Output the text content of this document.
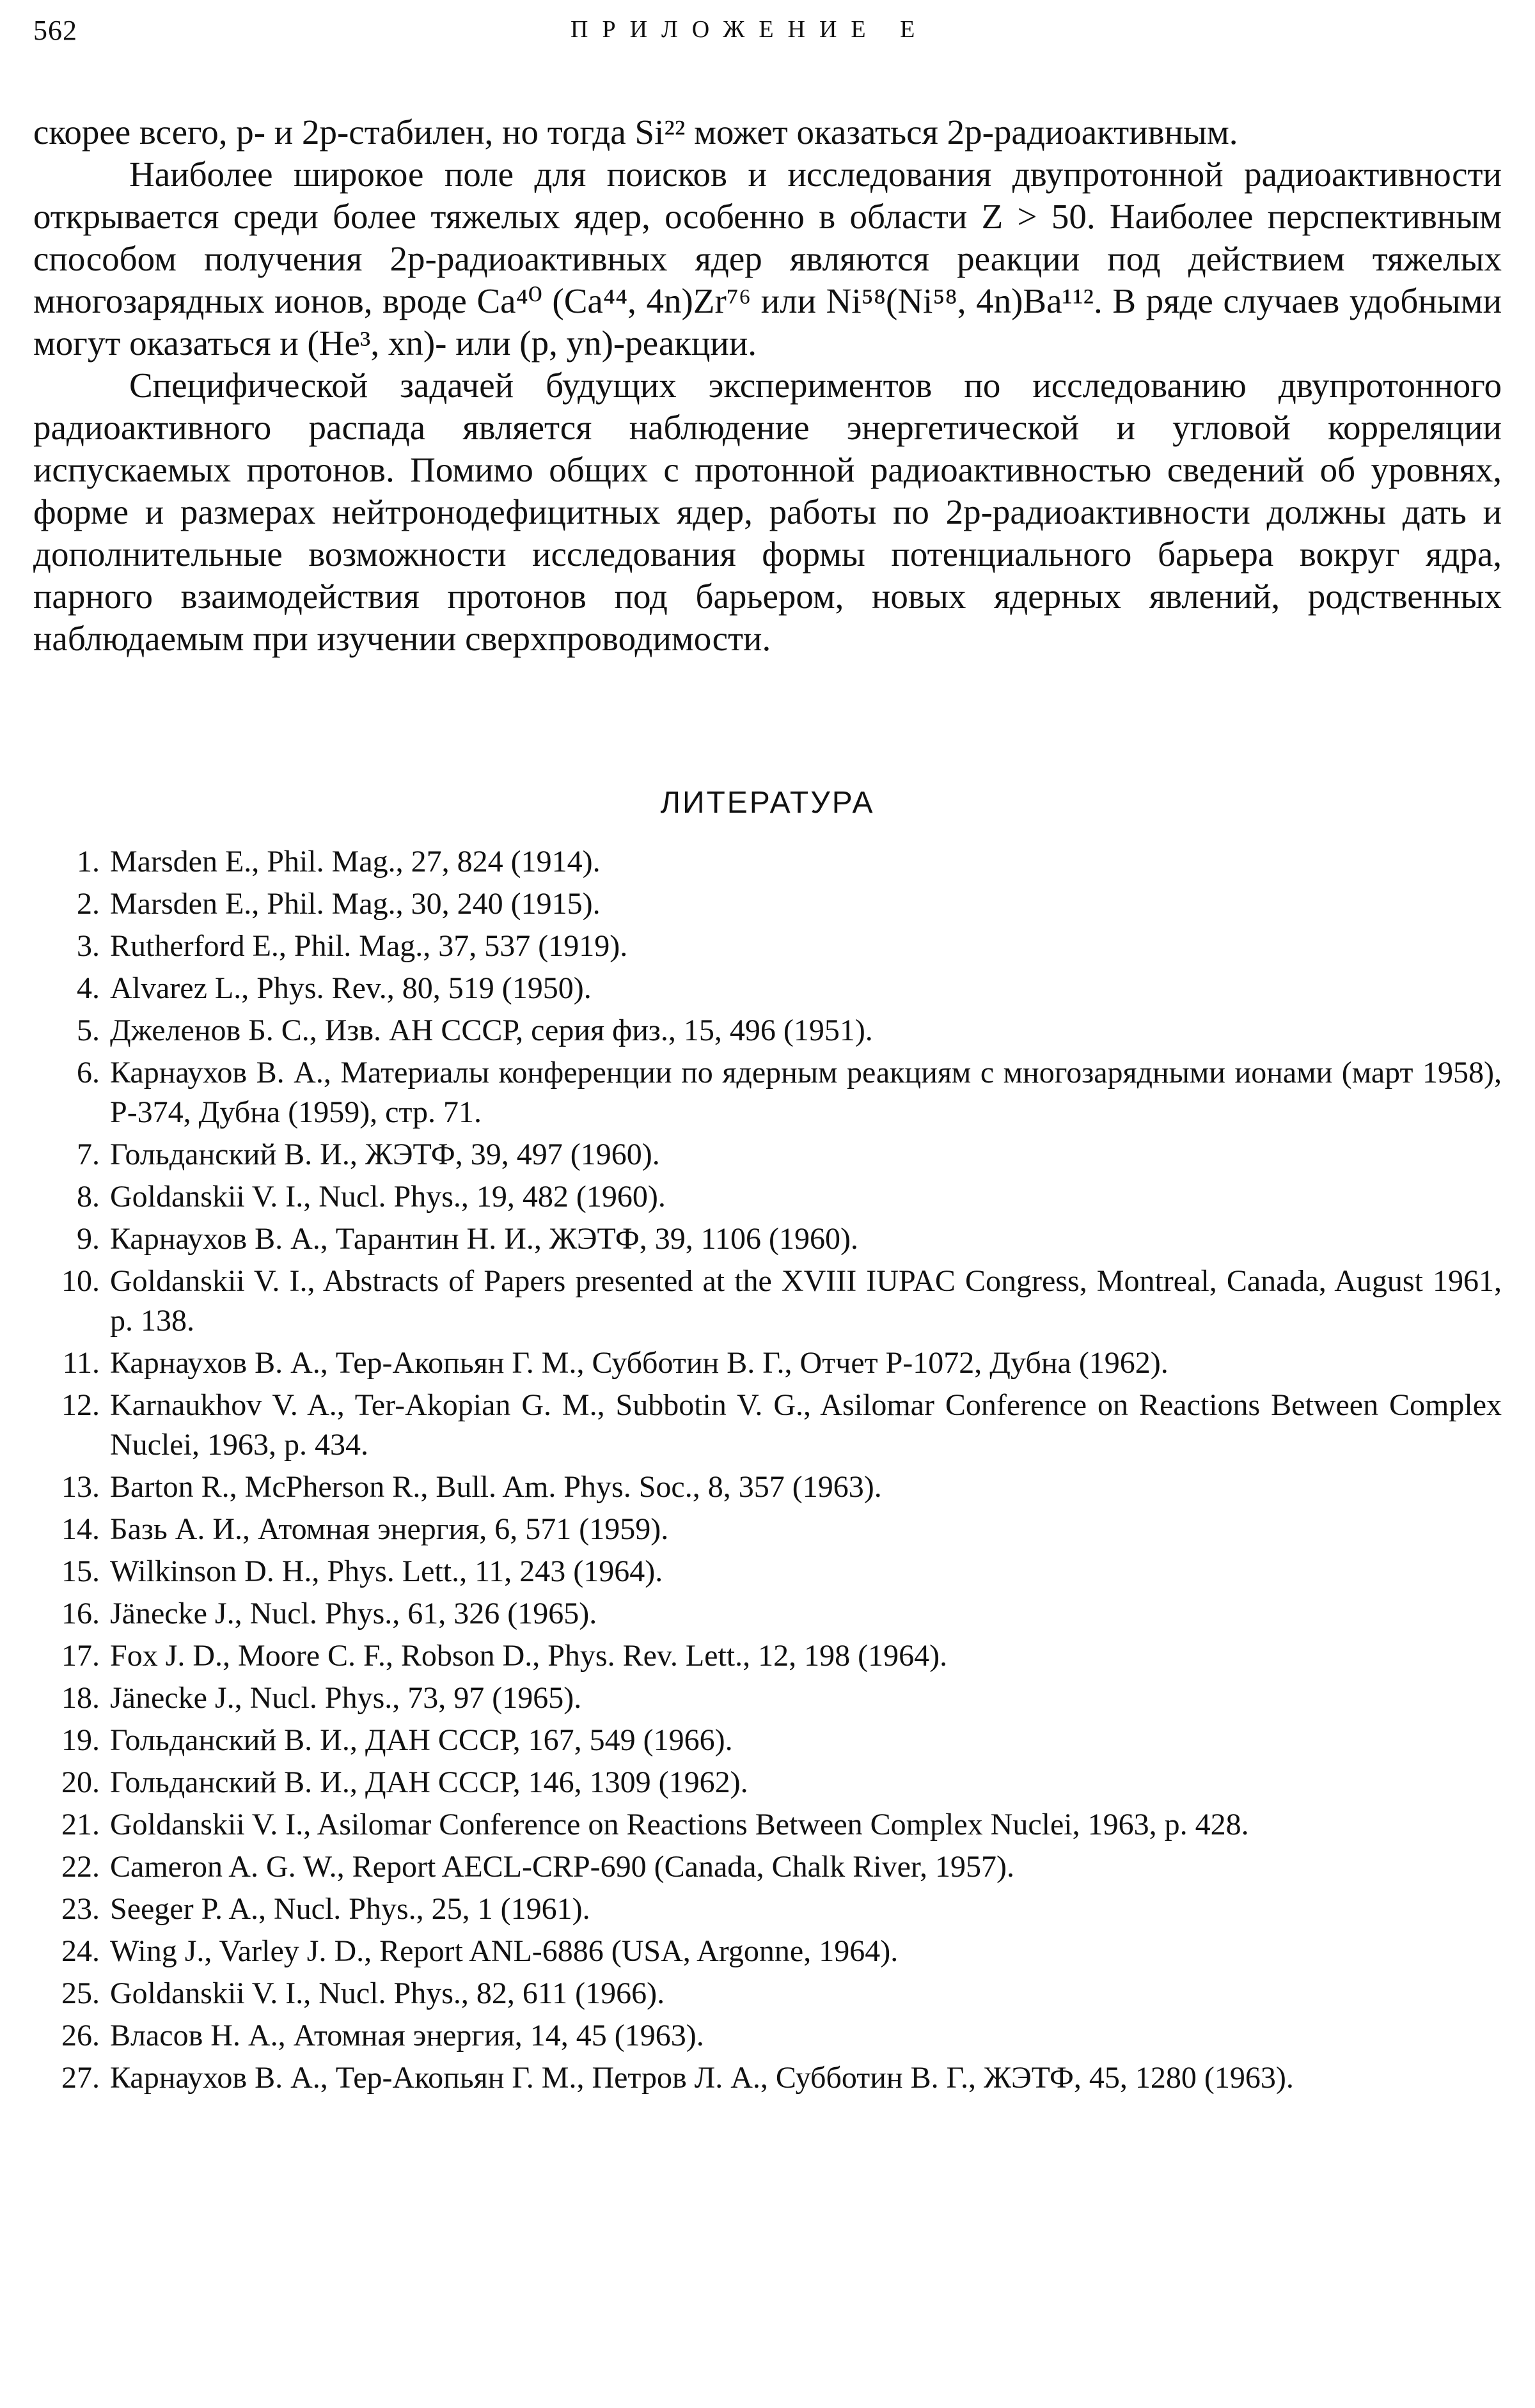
562	ПРИЛОЖЕНИЕ Е

скорее всего, p- и 2p-стабилен, но тогда Si²² может оказаться 2p-радиоактивным.

Наиболее широкое поле для поисков и исследования двупротонной радиоактивности открывается среди более тяжелых ядер, особенно в области Z > 50. Наиболее перспективным способом получения 2p-радиоактивных ядер являются реакции под действием тяжелых многозарядных ионов, вроде Ca⁴⁰ (Ca⁴⁴, 4n)Zr⁷⁶ или Ni⁵⁸(Ni⁵⁸, 4n)Ba¹¹². В ряде случаев удобными могут оказаться и (He³, xn)- или (p, yn)-реакции.

Специфической задачей будущих экспериментов по исследованию двупротонного радиоактивного распада является наблюдение энергетической и угловой корреляции испускаемых протонов. Помимо общих с протонной радиоактивностью сведений об уровнях, форме и размерах нейтронодефицитных ядер, работы по 2p-радиоактивности должны дать и дополнительные возможности исследования формы потенциального барьера вокруг ядра, парного взаимодействия протонов под барьером, новых ядерных явлений, родственных наблюдаемым при изучении сверхпроводимости.

ЛИТЕРАТУРА
1. Marsden E., Phil. Mag., 27, 824 (1914).
2. Marsden E., Phil. Mag., 30, 240 (1915).
3. Rutherford E., Phil. Mag., 37, 537 (1919).
4. Alvarez L., Phys. Rev., 80, 519 (1950).
5. Джеленов Б. С., Изв. АН СССР, серия физ., 15, 496 (1951).
6. Карнаухов В. А., Материалы конференции по ядерным реакциям с многозарядными ионами (март 1958), Р-374, Дубна (1959), стр. 71.
7. Гольданский В. И., ЖЭТФ, 39, 497 (1960).
8. Goldanskii V. I., Nucl. Phys., 19, 482 (1960).
9. Карнаухов В. А., Тарантин Н. И., ЖЭТФ, 39, 1106 (1960).
10. Goldanskii V. I., Abstracts of Papers presented at the XVIII IUPAC Congress, Montreal, Canada, August 1961, p. 138.
11. Карнаухов В. А., Тер-Акопьян Г. М., Субботин В. Г., Отчет Р-1072, Дубна (1962).
12. Karnaukhov V. A., Ter-Akopian G. M., Subbotin V. G., Asilomar Conference on Reactions Between Complex Nuclei, 1963, p. 434.
13. Barton R., McPherson R., Bull. Am. Phys. Soc., 8, 357 (1963).
14. Базь А. И., Атомная энергия, 6, 571 (1959).
15. Wilkinson D. H., Phys. Lett., 11, 243 (1964).
16. Jänecke J., Nucl. Phys., 61, 326 (1965).
17. Fox J. D., Moore C. F., Robson D., Phys. Rev. Lett., 12, 198 (1964).
18. Jänecke J., Nucl. Phys., 73, 97 (1965).
19. Гольданский В. И., ДАН СССР, 167, 549 (1966).
20. Гольданский В. И., ДАН СССР, 146, 1309 (1962).
21. Goldanskii V. I., Asilomar Conference on Reactions Between Complex Nuclei, 1963, p. 428.
22. Cameron A. G. W., Report AECL-CRP-690 (Canada, Chalk River, 1957).
23. Seeger P. A., Nucl. Phys., 25, 1 (1961).
24. Wing J., Varley J. D., Report ANL-6886 (USA, Argonne, 1964).
25. Goldanskii V. I., Nucl. Phys., 82, 611 (1966).
26. Власов Н. А., Атомная энергия, 14, 45 (1963).
27. Карнаухов В. А., Тер-Акопьян Г. М., Петров Л. А., Субботин В. Г., ЖЭТФ, 45, 1280 (1963).
